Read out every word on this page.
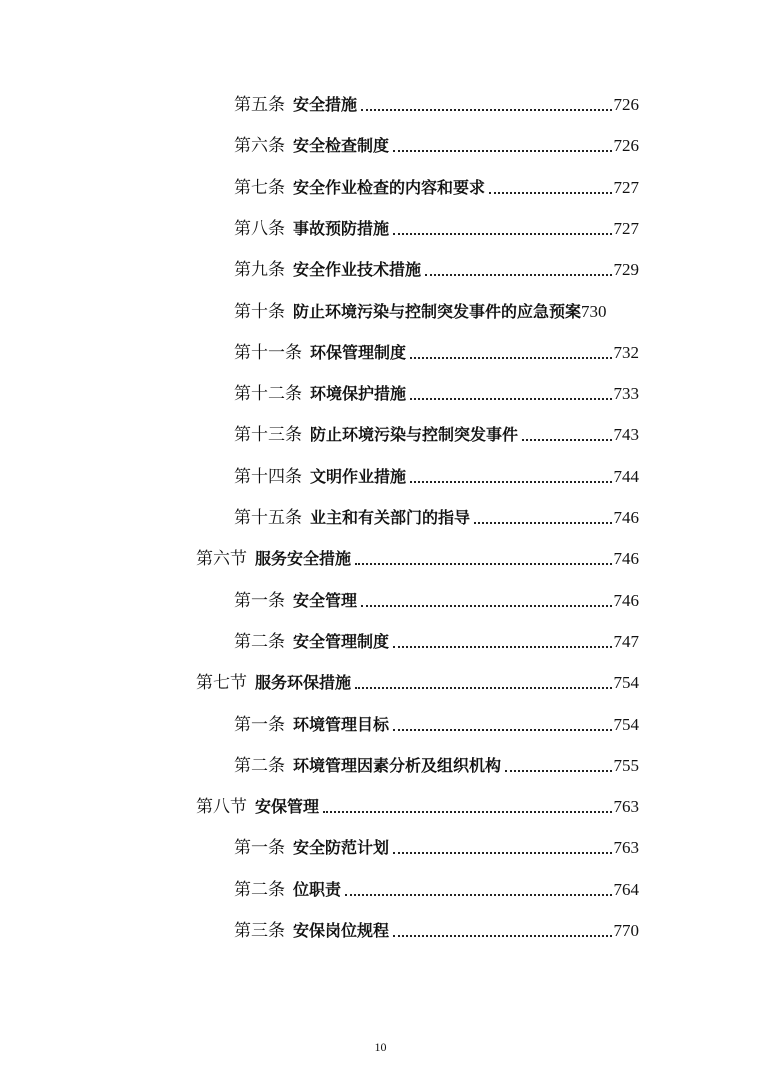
第五条 安全措施	726
第六条 安全检查制度	726
第七条 安全作业检查的内容和要求	727
第八条 事故预防措施	727
第九条 安全作业技术措施	729
第十条 防止环境污染与控制突发事件的应急预案 730
第十一条 环保管理制度	732
第十二条 环境保护措施	733
第十三条 防止环境污染与控制突发事件	743
第十四条 文明作业措施	744
第十五条 业主和有关部门的指导	746
第六节 服务安全措施	746
第一条 安全管理	746
第二条 安全管理制度	747
第七节 服务环保措施	754
第一条 环境管理目标	754
第二条 环境管理因素分析及组织机构	755
第八节 安保管理	763
第一条 安全防范计划	763
第二条 位职责	764
第三条 安保岗位规程	770
10
